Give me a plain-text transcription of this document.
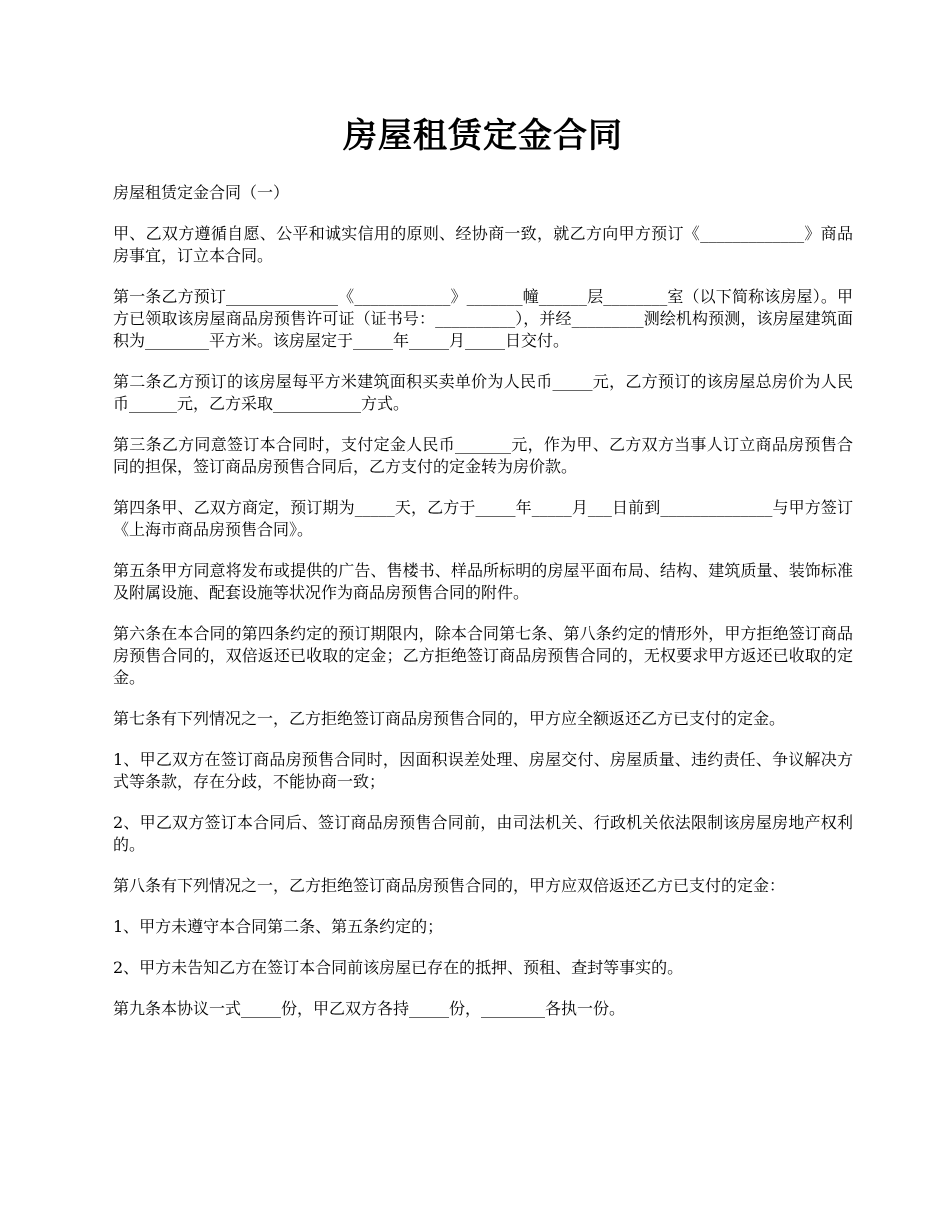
房屋租赁定金合同

房屋租赁定金合同（一）

甲、乙双方遵循自愿、公平和诚实信用的原则、经协商一致，就乙方向甲方预订《_____________》商品房事宜，订立本合同。

第一条乙方预订______________《____________》_______幢______层________室（以下简称该房屋）。甲方已领取该房屋商品房预售许可证（证书号：__________），并经_________测绘机构预测，该房屋建筑面积为________平方米。该房屋定于_____年_____月_____日交付。

第二条乙方预订的该房屋每平方米建筑面积买卖单价为人民币_____元，乙方预订的该房屋总房价为人民币______元，乙方采取___________方式。

第三条乙方同意签订本合同时，支付定金人民币_______元，作为甲、乙方双方当事人订立商品房预售合同的担保，签订商品房预售合同后，乙方支付的定金转为房价款。

第四条甲、乙双方商定，预订期为_____天，乙方于_____年_____月___日前到______________与甲方签订《上海市商品房预售合同》。

第五条甲方同意将发布或提供的广告、售楼书、样品所标明的房屋平面布局、结构、建筑质量、装饰标准及附属设施、配套设施等状况作为商品房预售合同的附件。

第六条在本合同的第四条约定的预订期限内，除本合同第七条、第八条约定的情形外，甲方拒绝签订商品房预售合同的，双倍返还已收取的定金；乙方拒绝签订商品房预售合同的，无权要求甲方返还已收取的定金。

第七条有下列情况之一，乙方拒绝签订商品房预售合同的，甲方应全额返还乙方已支付的定金。

1、甲乙双方在签订商品房预售合同时，因面积误差处理、房屋交付、房屋质量、违约责任、争议解决方式等条款，存在分歧，不能协商一致；

2、甲乙双方签订本合同后、签订商品房预售合同前，由司法机关、行政机关依法限制该房屋房地产权利的。

第八条有下列情况之一，乙方拒绝签订商品房预售合同的，甲方应双倍返还乙方已支付的定金：

1、甲方未遵守本合同第二条、第五条约定的；

2、甲方未告知乙方在签订本合同前该房屋已存在的抵押、预租、查封等事实的。

第九条本协议一式_____份，甲乙双方各持_____份，________各执一份。
